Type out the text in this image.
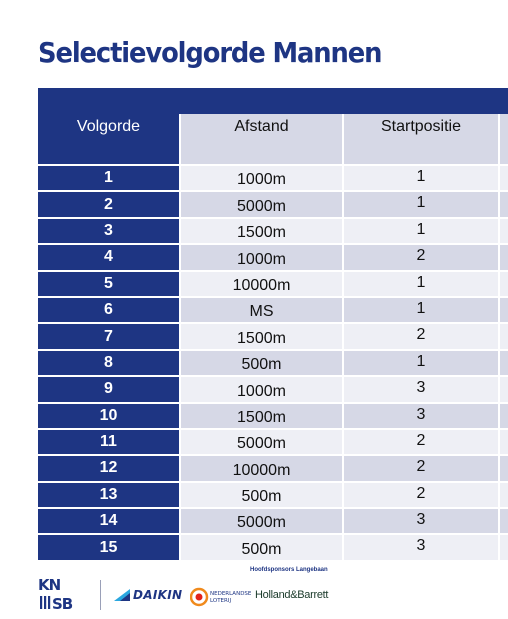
Selectievolgorde Mannen
Volgorde	Afstand	Startpositie
1	1000m	1
2	5000m	1
3	1500m	1
4	1000m	2
5	10000m	1
6	MS	1
7	1500m	2
8	500m	1
9	1000m	3
10	1500m	3
11	5000m	2
12	10000m	2
13	500m	2
14	5000m	3
15	500m	3
KN
SB
Hoofdsponsors Langebaan
DAIKIN	NEDERLANDSE
LOTERIJ Holland&Barrett
